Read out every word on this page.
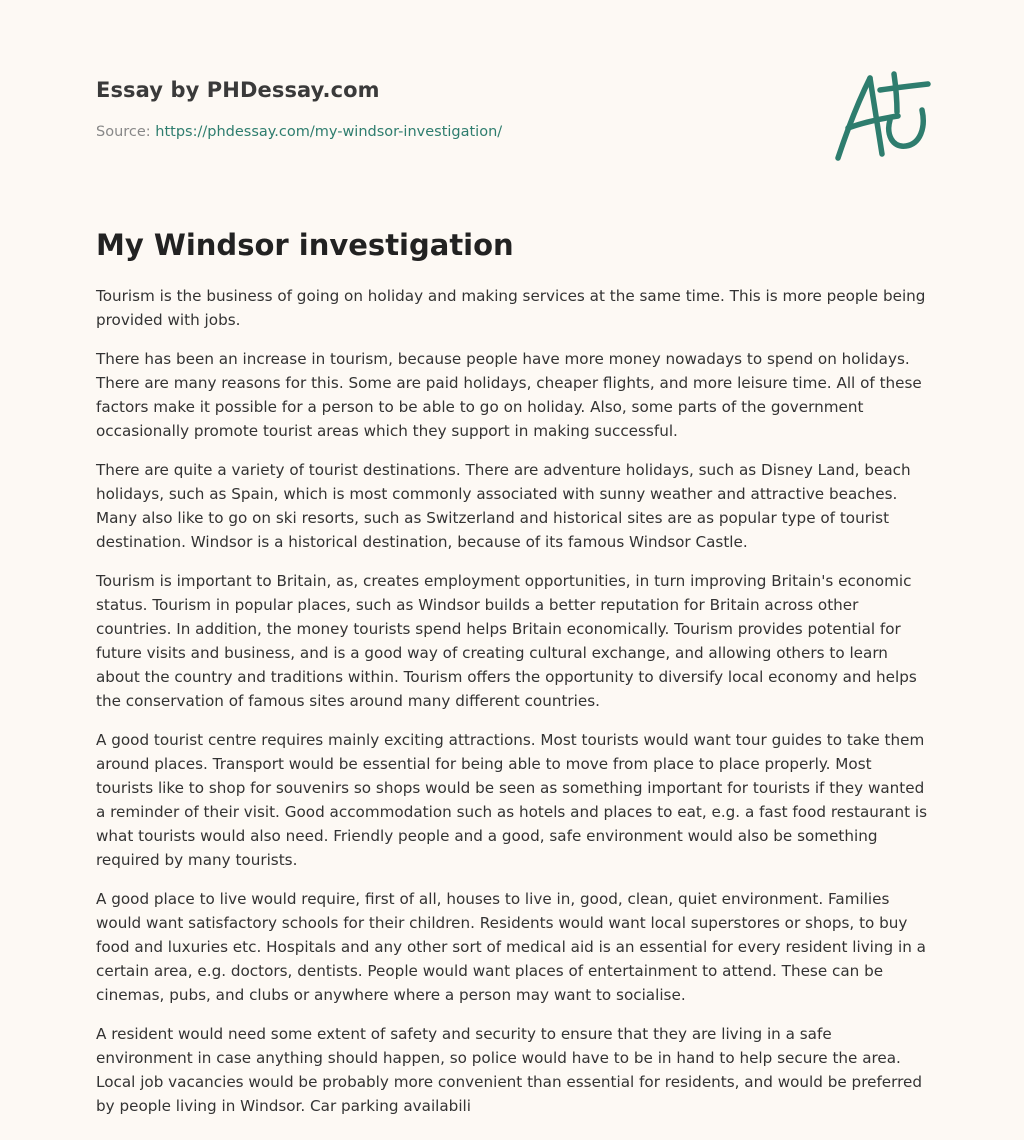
Essay by PHDessay.com
Source: https://phdessay.com/my-windsor-investigation/
My Windsor investigation

Tourism is the business of going on holiday and making services at the same time. This is more people being provided with jobs.

There has been an increase in tourism, because people have more money nowadays to spend on holidays. There are many reasons for this. Some are paid holidays, cheaper flights, and more leisure time. All of these factors make it possible for a person to be able to go on holiday. Also, some parts of the government occasionally promote tourist areas which they support in making successful.

There are quite a variety of tourist destinations. There are adventure holidays, such as Disney Land, beach holidays, such as Spain, which is most commonly associated with sunny weather and attractive beaches. Many also like to go on ski resorts, such as Switzerland and historical sites are as popular type of tourist destination. Windsor is a historical destination, because of its famous Windsor Castle.

Tourism is important to Britain, as, creates employment opportunities, in turn improving Britain's economic status. Tourism in popular places, such as Windsor builds a better reputation for Britain across other countries. In addition, the money tourists spend helps Britain economically. Tourism provides potential for future visits and business, and is a good way of creating cultural exchange, and allowing others to learn about the country and traditions within. Tourism offers the opportunity to diversify local economy and helps the conservation of famous sites around many different countries.

A good tourist centre requires mainly exciting attractions. Most tourists would want tour guides to take them around places. Transport would be essential for being able to move from place to place properly. Most tourists like to shop for souvenirs so shops would be seen as something important for tourists if they wanted a reminder of their visit. Good accommodation such as hotels and places to eat, e.g. a fast food restaurant is what tourists would also need. Friendly people and a good, safe environment would also be something required by many tourists.

A good place to live would require, first of all, houses to live in, good, clean, quiet environment. Families would want satisfactory schools for their children. Residents would want local superstores or shops, to buy food and luxuries etc. Hospitals and any other sort of medical aid is an essential for every resident living in a certain area, e.g. doctors, dentists. People would want places of entertainment to attend. These can be cinemas, pubs, and clubs or anywhere where a person may want to socialise.

A resident would need some extent of safety and security to ensure that they are living in a safe environment in case anything should happen, so police would have to be in hand to help secure the area. Local job vacancies would be probably more convenient than essential for residents, and would be preferred by people living in Windsor. Car parking availabili
